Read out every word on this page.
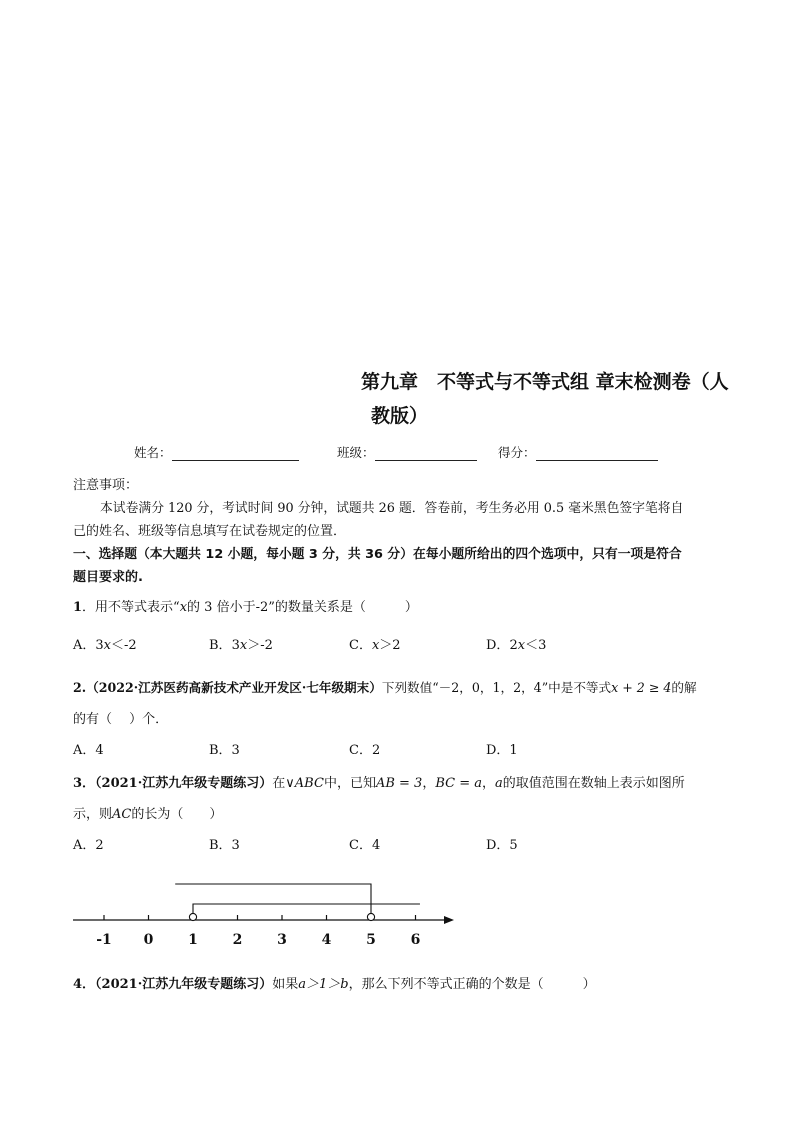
第九章　不等式与不等式组 章末检测卷（人
教版）
姓名：	班级：	得分：
注意事项：
本试卷满分 120 分，考试时间 90 分钟，试题共 26 题．答卷前，考生务必用 0.5 毫米黑色签字笔将自
己的姓名、班级等信息填写在试卷规定的位置．
一、选择题（本大题共 12 小题，每小题 3 分，共 36 分）在每小题所给出的四个选项中，只有一项是符合
题目要求的.
1．用不等式表示“x的 3 倍小于-2”的数量关系是（　　　）
A．3x＜-2	B．3x＞-2	C．x＞2	D．2x＜3
2.（2022·江苏医药高新技术产业开发区·七年级期末）下列数值“－2，0，1，2，4”中是不等式x + 2 ≥ 4的解
的有（　 ）个．
A．4	B．3	C．2	D．1
3．（2021·江苏九年级专题练习）在∨ABC中，已知AB = 3，BC = a，a的取值范围在数轴上表示如图所
示，则AC的长为（　　）
A．2	B．3	C．4	D．5
-1 0 1 2 3 4 5 6
4．（2021·江苏九年级专题练习）如果a＞1＞b，那么下列不等式正确的个数是（　　　）
